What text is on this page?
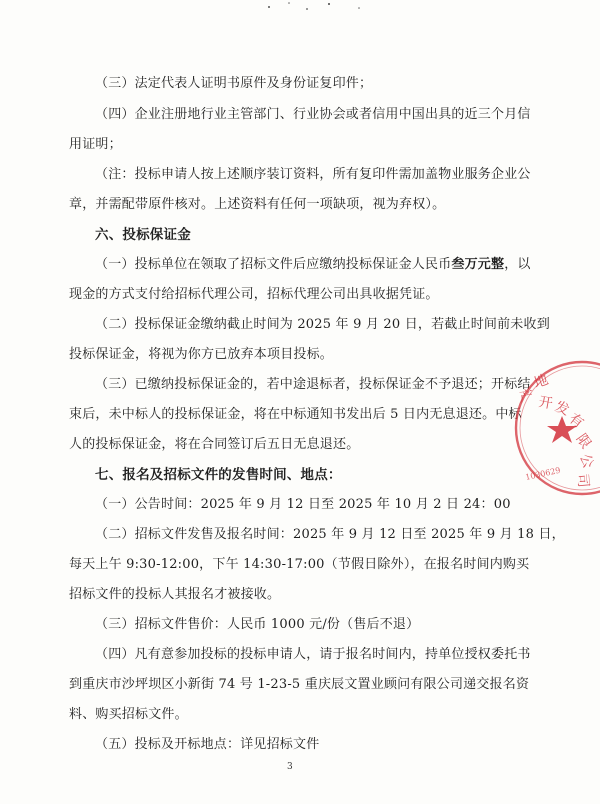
（三）法定代表人证明书原件及身份证复印件；
（四）企业注册地行业主管部门、行业协会或者信用中国出具的近三个月信
用证明；
（注：投标申请人按上述顺序装订资料，所有复印件需加盖物业服务企业公
章，并需配带原件核对。上述资料有任何一项缺项，视为弃权）。
六、投标保证金
（一）投标单位在领取了招标文件后应缴纳投标保证金人民币叁万元整，以
现金的方式支付给招标代理公司，招标代理公司出具收据凭证。
（二）投标保证金缴纳截止时间为 2025 年 9 月 20 日，若截止时间前未收到
投标保证金，将视为你方已放弃本项目投标。
（三）已缴纳投标保证金的，若中途退标者，投标保证金不予退还；开标结
束后，未中标人的投标保证金，将在中标通知书发出后 5 日内无息退还。中标
人的投标保证金，将在合同签订后五日无息退还。
七、报名及招标文件的发售时间、地点：
（一）公告时间：2025 年 9 月 12 日至 2025 年 10 月 2 日 24：00
（二）招标文件发售及报名时间：2025 年 9 月 12 日至 2025 年 9 月 18 日，
每天上午 9:30-12:00，下午 14:30-17:00（节假日除外），在报名时间内购买
招标文件的投标人其报名才被接收。
（三）招标文件售价：人民币 1000 元/份（售后不退）
（四）凡有意参加投标的投标申请人，请于报名时间内，持单位授权委托书
到重庆市沙坪坝区小新街 74 号 1-23-5 重庆辰文置业顾问有限公司递交报名资
料、购买招标文件。
（五）投标及开标地点：详见招标文件
3
地
产 开
发
有
限
公
司
1030629
